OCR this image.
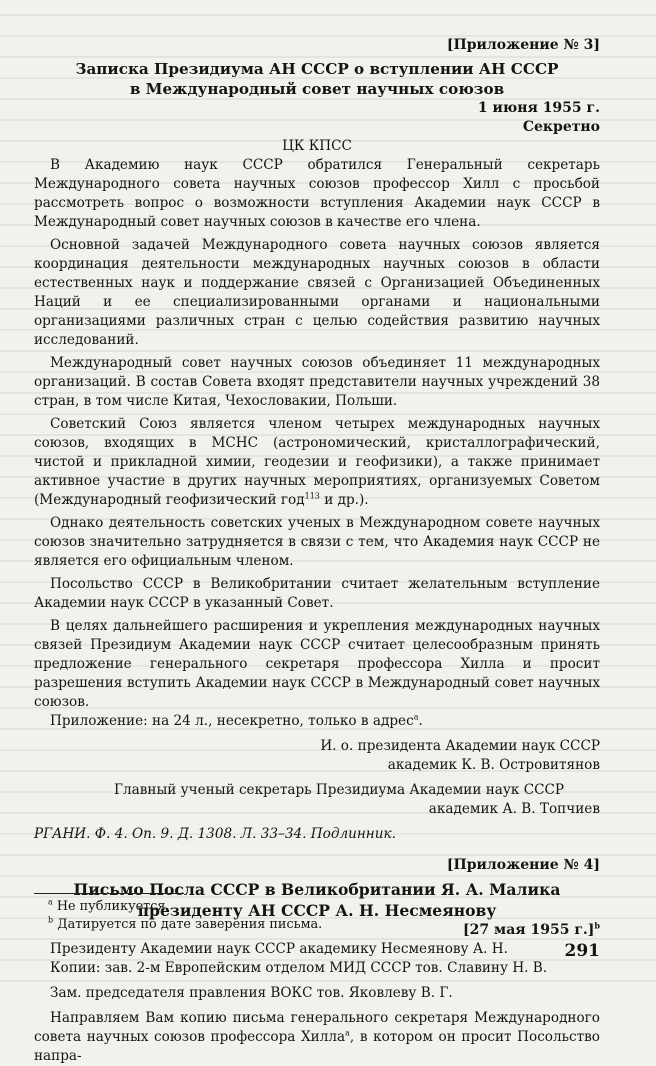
[Приложение № 3]
Записка Президиума АН СССР о вступлении АН СССР
в Международный совет научных союзов
1 июня 1955 г.
Секретно
ЦК КПСС

В Академию наук СССР обратился Генеральный секретарь Международного совета научных союзов профессор Хилл с просьбой рассмотреть вопрос о возможности вступления Академии наук СССР в Международный совет научных союзов в качестве его члена.

Основной задачей Международного совета научных союзов является координация деятельности международных научных союзов в области естественных наук и поддержание связей с Организацией Объединенных Наций и ее специализированными органами и национальными организациями различных стран с целью содействия развитию научных исследований.

Международный совет научных союзов объединяет 11 международных организаций. В состав Совета входят представители научных учреждений 38 стран, в том числе Китая, Чехословакии, Польши.

Советский Союз является членом четырех международных научных союзов, входящих в МСНС (астрономический, кристаллографический, чистой и прикладной химии, геодезии и геофизики), а также принимает активное участие в других научных мероприятиях, организуемых Советом (Международный геофизический год$^{113}$ и др.).

Однако деятельность советских ученых в Международном совете научных союзов значительно затрудняется в связи с тем, что Академия наук СССР не является его официальным членом.

Посольство СССР в Великобритании считает желательным вступление Академии наук СССР в указанный Совет.

В целях дальнейшего расширения и укрепления международных научных связей Президиум Академии наук СССР считает целесообразным принять предложение генерального секретаря профессора Хилла и просит разрешения вступить Академии наук СССР в Международный совет научных союзов.

Приложение: на 24 л., несекретно, только в адрес$^a$.

И. о. президента Академии наук СССР
академик К. В. Островитянов
Главный ученый секретарь Президиума Академии наук СССР
академик А. В. Топчиев
РГАНИ. Ф. 4. Оп. 9. Д. 1308. Л. 33–34. Подлинник.
[Приложение № 4]
Письмо Посла СССР в Великобритании Я. А. Малика
президенту АН СССР А. Н. Несмеянову
[27 мая 1955 г.]$^b$
Президенту Академии наук СССР академику Несмеянову А. Н.
Копии: зав. 2-м Европейским отделом МИД СССР тов. Славину Н. В.
Зам. председателя правления ВОКС тов. Яковлеву В. Г.

Направляем Вам копию письма генерального секретаря Международного совета научных союзов профессора Хилла$^a$, в котором он просит Посольство напра-

$^a$ Не публикуется.
$^b$ Датируется по дате заверения письма.
291
